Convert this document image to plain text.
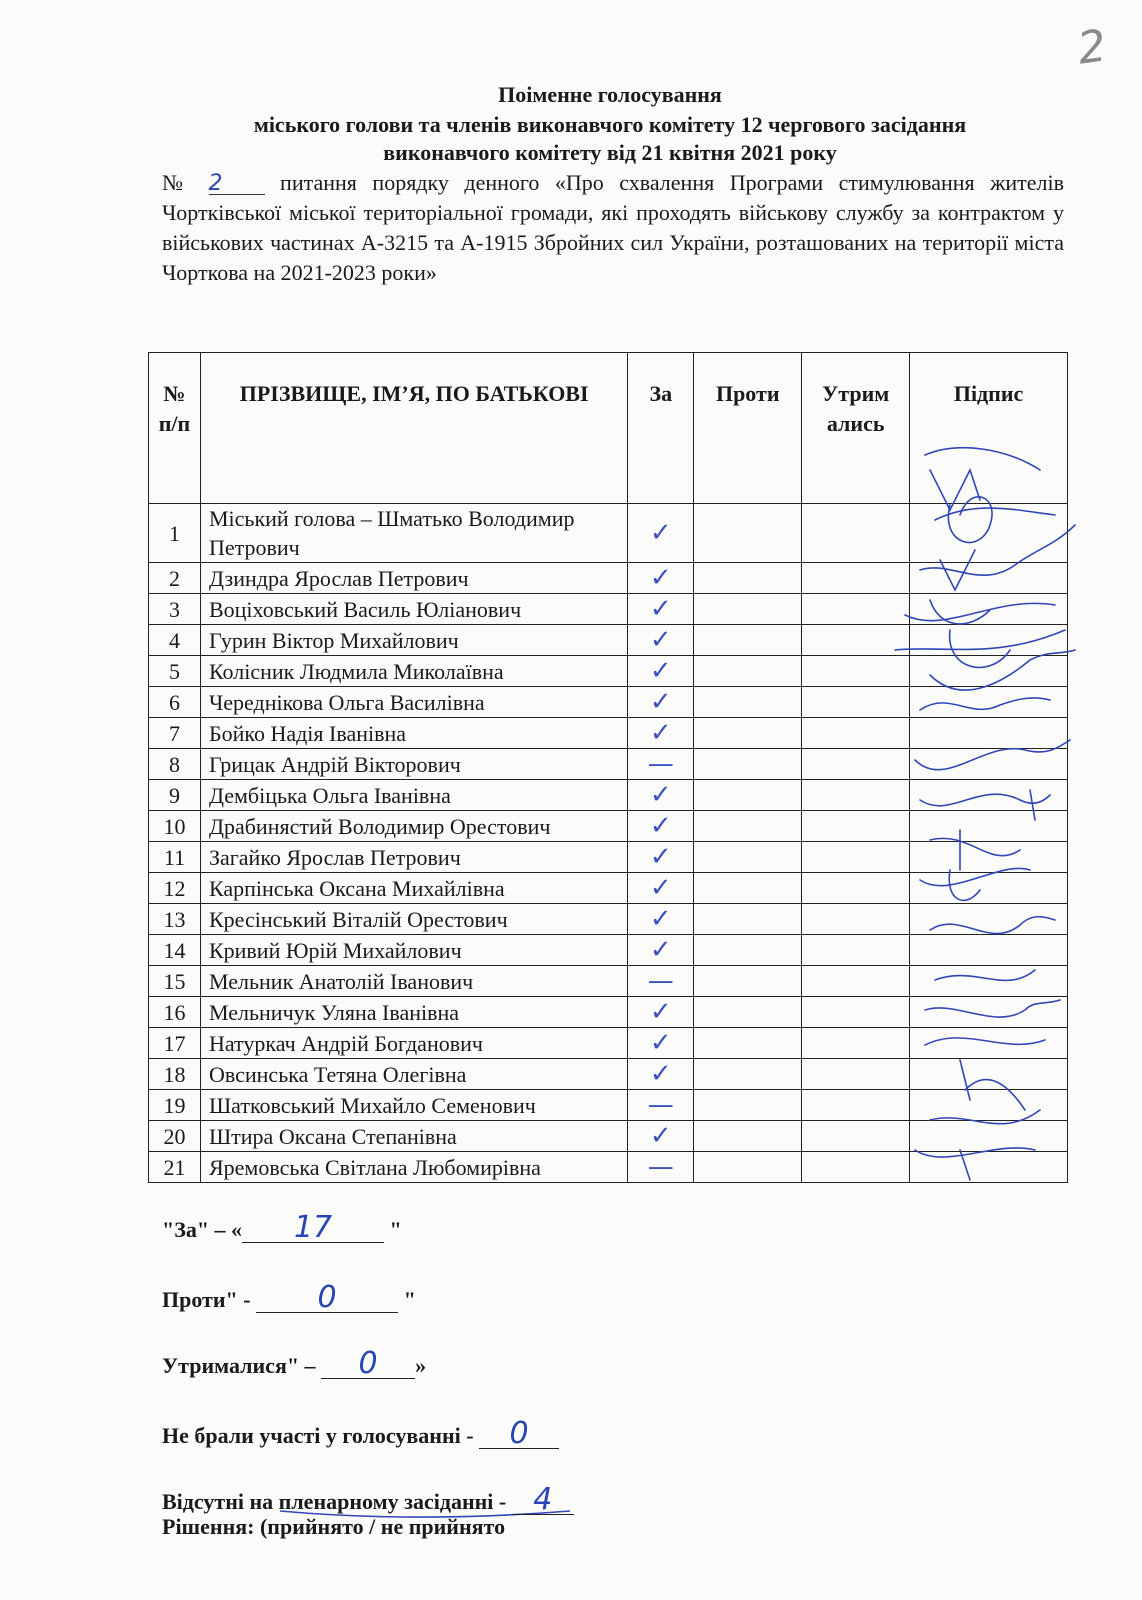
2
Поіменне голосування
міського голови та членів виконавчого комітету 12 чергового засідання
виконавчого комітету від 21 квітня 2021 року
№ 2	питання порядку денного «Про схвалення Програми стимулювання жителів Чортківської міської територіальної громади, які проходять військову службу за контрактом у військових частинах А-3215 та А-1915 Збройних сил України, розташованих на території міста Чорткова на 2021-2023 роки»
№ п/п	ПРІЗВИЩЕ, ІМ’Я, ПО БАТЬКОВІ	За	Проти	Утрим ались	Підпис
1	Міський голова – Шматько Володимир Петрович	✓			
2	Дзиндра Ярослав Петрович	✓			
3	Воціховський Василь Юліанович	✓			
4	Гурин Віктор Михайлович	✓			
5	Колісник Людмила Миколаївна	✓			
6	Череднікова Ольга Василівна	✓			
7	Бойко Надія Іванівна	✓			
8	Грицак Андрій Вікторович	—			
9	Дембіцька Ольга Іванівна	✓			
10	Драбинястий Володимир Орестович	✓			
11	Загайко Ярослав Петрович	✓			
12	Карпінська Оксана Михайлівна	✓			
13	Кресінський Віталій Орестович	✓			
14	Кривий Юрій Михайлович	✓			
15	Мельник Анатолій Іванович	—			
16	Мельничук Уляна Іванівна	✓			
17	Натуркач Андрій Богданович	✓			
18	Овсинська Тетяна Олегівна	✓			
19	Шатковський Михайло Семенович	—			
20	Штира Оксана Степанівна	✓			
21	Яремовська Світлана Любомирівна	—			
"За" – « 17	"
Проти" - 0	"
Утрималися" – 0 »
Не брали участі у голосуванні - 0
Відсутні на пленарному засіданні - 4
Рішення: (прийнято / не прийнято
